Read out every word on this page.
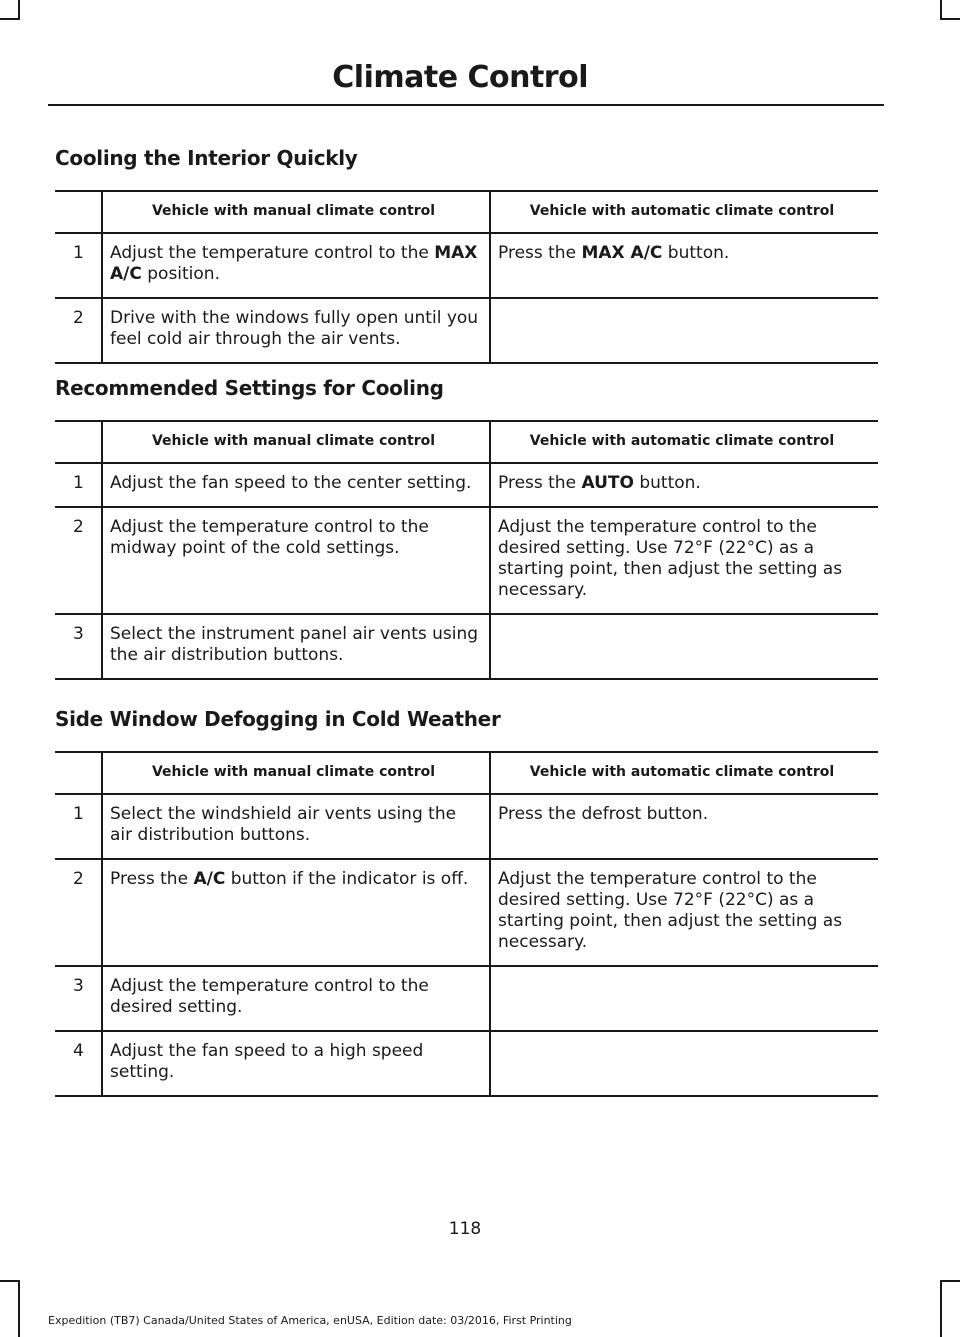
Climate Control
Cooling the Interior Quickly
	Vehicle with manual climate control	Vehicle with automatic climate control
1	Adjust the temperature control to the MAX A/C position.	Press the MAX A/C button.
2	Drive with the windows fully open until you feel cold air through the air vents.	
Recommended Settings for Cooling
	Vehicle with manual climate control	Vehicle with automatic climate control
1	Adjust the fan speed to the center setting.	Press the AUTO button.
2	Adjust the temperature control to the midway point of the cold settings.	Adjust the temperature control to the desired setting. Use 72°F (22°C) as a starting point, then adjust the setting as necessary.
3	Select the instrument panel air vents using the air distribution buttons.	
Side Window Defogging in Cold Weather
	Vehicle with manual climate control	Vehicle with automatic climate control
1	Select the windshield air vents using the air distribution buttons.	Press the defrost button.
2	Press the A/C button if the indicator is off.	Adjust the temperature control to the desired setting. Use 72°F (22°C) as a starting point, then adjust the setting as necessary.
3	Adjust the temperature control to the desired setting.	
4	Adjust the fan speed to a high speed setting.	
118
Expedition (TB7) Canada/United States of America, enUSA, Edition date: 03/2016, First Printing
